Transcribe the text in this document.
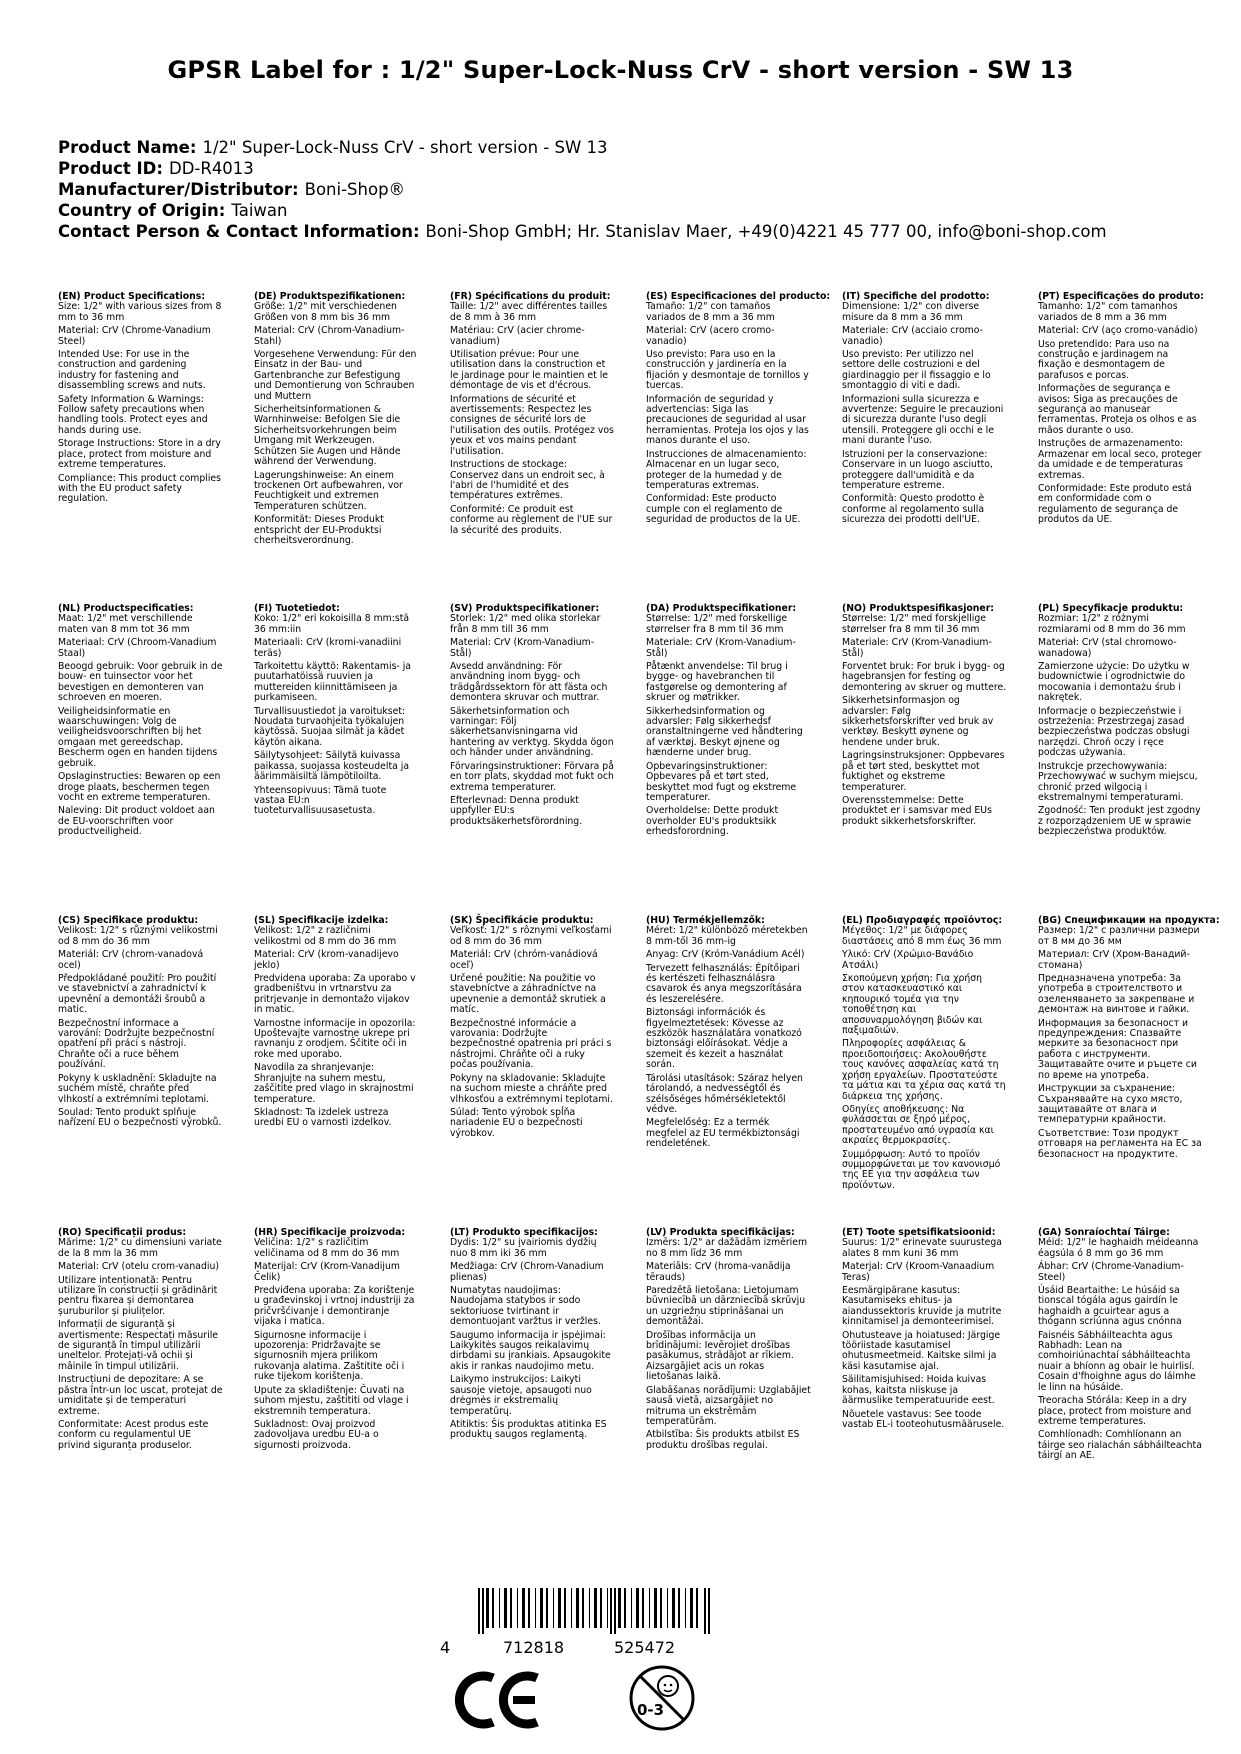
GPSR Label for : 1/2" Super-Lock-Nuss CrV - short version - SW 13
Product Name: 1/2" Super-Lock-Nuss CrV - short version - SW 13
Product ID: DD-R4013
Manufacturer/Distributor: Boni-Shop®
Country of Origin: Taiwan
Contact Person & Contact Information: Boni-Shop GmbH; Hr. Stanislav Maer, +49(0)4221 45 777 00, info@boni-shop.com
(EN) Product Specifications:
Size: 1/2" with various sizes from 8 mm to 36 mm
Material: CrV (Chrome-Vanadium Steel)
Intended Use: For use in the construction and gardening industry for fastening and disassembling screws and nuts.
Safety Information & Warnings: Follow safety precautions when handling tools. Protect eyes and hands during use.
Storage Instructions: Store in a dry place, protect from moisture and extreme temperatures.
Compliance: This product complies with the EU product safety regulation.
(DE) Produktspezifikationen:
Größe: 1/2" mit verschiedenen Größen von 8 mm bis 36 mm
Material: CrV (Chrom-Vanadium-Stahl)
Vorgesehene Verwendung: Für den Einsatz in der Bau- und Gartenbranche zur Befestigung und Demontierung von Schrauben und Muttern
Sicherheitsinformationen & Warnhinweise: Befolgen Sie die Sicherheitsvorkehrungen beim Umgang mit Werkzeugen. Schützen Sie Augen und Hände während der Verwendung.
Lagerungshinweise: An einem trockenen Ort aufbewahren, vor Feuchtigkeit und extremen Temperaturen schützen.
Konformität: Dieses Produkt entspricht der EU-Produktsi cherheitsverordnung.
(FR) Spécifications du produit:
Taille: 1/2" avec différentes tailles de 8 mm à 36 mm
Matériau: CrV (acier chrome-vanadium)
Utilisation prévue: Pour une utilisation dans la construction et le jardinage pour le maintien et le démontage de vis et d'écrous.
Informations de sécurité et avertissements: Respectez les consignes de sécurité lors de l'utilisation des outils. Protégez vos yeux et vos mains pendant l'utilisation.
Instructions de stockage: Conservez dans un endroit sec, à l'abri de l'humidité et des températures extrêmes.
Conformité: Ce produit est conforme au règlement de l'UE sur la sécurité des produits.
(ES) Especificaciones del producto:
Tamaño: 1/2" con tamaños variados de 8 mm a 36 mm
Material: CrV (acero cromo-vanadio)
Uso previsto: Para uso en la construcción y jardinería en la fijación y desmontaje de tornillos y tuercas.
Información de seguridad y advertencias: Siga las precauciones de seguridad al usar herramientas. Proteja los ojos y las manos durante el uso.
Instrucciones de almacenamiento: Almacenar en un lugar seco, proteger de la humedad y de temperaturas extremas.
Conformidad: Este producto cumple con el reglamento de seguridad de productos de la UE.
(IT) Specifiche del prodotto:
Dimensione: 1/2" con diverse misure da 8 mm a 36 mm
Materiale: CrV (acciaio cromo-vanadio)
Uso previsto: Per utilizzo nel settore delle costruzioni e del giardinaggio per il fissaggio e lo smontaggio di viti e dadi.
Informazioni sulla sicurezza e avvertenze: Seguire le precauzioni di sicurezza durante l'uso degli utensili. Proteggere gli occhi e le mani durante l'uso.
Istruzioni per la conservazione: Conservare in un luogo asciutto, proteggere dall'umidità e da temperature estreme.
Conformità: Questo prodotto è conforme al regolamento sulla sicurezza dei prodotti dell'UE.
(PT) Especificações do produto:
Tamanho: 1/2" com tamanhos variados de 8 mm a 36 mm
Material: CrV (aço cromo-vanádio)
Uso pretendido: Para uso na construção e jardinagem na fixação e desmontagem de parafusos e porcas.
Informações de segurança e avisos: Siga as precauções de segurança ao manusear ferramentas. Proteja os olhos e as mãos durante o uso.
Instruções de armazenamento: Armazenar em local seco, proteger da umidade e de temperaturas extremas.
Conformidade: Este produto está em conformidade com o regulamento de segurança de produtos da UE.
(NL) Productspecificaties:
Maat: 1/2" met verschillende maten van 8 mm tot 36 mm
Materiaal: CrV (Chroom-Vanadium Staal)
Beoogd gebruik: Voor gebruik in de bouw- en tuinsector voor het bevestigen en demonteren van schroeven en moeren.
Veiligheidsinformatie en waarschuwingen: Volg de veiligheidsvoorschriften bij het omgaan met gereedschap. Bescherm ogen en handen tijdens gebruik.
Opslaginstructies: Bewaren op een droge plaats, beschermen tegen vocht en extreme temperaturen.
Naleving: Dit product voldoet aan de EU-voorschriften voor productveiligheid.
(FI) Tuotetiedot:
Koko: 1/2" eri kokoisilla 8 mm:stä 36 mm:iin
Materiaali: CrV (kromi-vanadiini teräs)
Tarkoitettu käyttö: Rakentamis- ja puutarhatöissä ruuvien ja muttereiden kiinnittämiseen ja purkamiseen.
Turvallisuustiedot ja varoitukset: Noudata turvaohjeita työkalujen käytössä. Suojaa silmät ja kädet käytön aikana.
Säilytysohjeet: Säilytä kuivassa paikassa, suojassa kosteudelta ja äärimmäisiltä lämpötiloilta.
Yhteensopivuus: Tämä tuote vastaa EU:n tuoteturvallisuusasetusta.
(SV) Produktspecifikationer:
Storlek: 1/2" med olika storlekar från 8 mm till 36 mm
Material: CrV (Krom-Vanadium-Stål)
Avsedd användning: För användning inom bygg- och trädgårdssektorn för att fästa och demontera skruvar och muttrar.
Säkerhetsinformation och varningar: Följ säkerhetsanvisningarna vid hantering av verktyg. Skydda ögon och händer under användning.
Förvaringsinstruktioner: Förvara på en torr plats, skyddad mot fukt och extrema temperaturer.
Efterlevnad: Denna produkt uppfyller EU:s produktsäkerhetsförordning.
(DA) Produktspecifikationer:
Størrelse: 1/2" med forskellige størrelser fra 8 mm til 36 mm
Materiale: CrV (Krom-Vanadium-Stål)
Påtænkt anvendelse: Til brug i bygge- og havebranchen til fastgørelse og demontering af skruer og møtrikker.
Sikkerhedsinformation og advarsler: Følg sikkerhedsf oranstaltningerne ved håndtering af værktøj. Beskyt øjnene og hænderne under brug.
Opbevaringsinstruktioner: Opbevares på et tørt sted, beskyttet mod fugt og ekstreme temperaturer.
Overholdelse: Dette produkt overholder EU's produktsikk erhedsforordning.
(NO) Produktspesifikasjoner:
Størrelse: 1/2" med forskjellige størrelser fra 8 mm til 36 mm
Materiale: CrV (Krom-Vanadium-Stål)
Forventet bruk: For bruk i bygg- og hagebransjen for festing og demontering av skruer og muttere.
Sikkerhetsinformasjon og advarsler: Følg sikkerhetsforskrifter ved bruk av verktøy. Beskytt øynene og hendene under bruk.
Lagringsinstruksjoner: Oppbevares på et tørt sted, beskyttet mot fuktighet og ekstreme temperaturer.
Overensstemmelse: Dette produktet er i samsvar med EUs produkt sikkerhetsforskrifter.
(PL) Specyfikacje produktu:
Rozmiar: 1/2" z różnymi rozmiarami od 8 mm do 36 mm
Materiał: CrV (stal chromowo-wanadowa)
Zamierzone użycie: Do użytku w budownictwie i ogrodnictwie do mocowania i demontażu śrub i nakrętek.
Informacje o bezpieczeństwie i ostrzeżenia: Przestrzegaj zasad bezpieczeństwa podczas obsługi narzędzi. Chroń oczy i ręce podczas używania.
Instrukcje przechowywania: Przechowywać w suchym miejscu, chronić przed wilgocią i ekstremalnymi temperaturami.
Zgodność: Ten produkt jest zgodny z rozporządzeniem UE w sprawie bezpieczeństwa produktów.
(CS) Specifikace produktu:
Velikost: 1/2" s různými velikostmi od 8 mm do 36 mm
Materiál: CrV (chrom-vanadová ocel)
Předpokládané použití: Pro použití ve stavebnictví a zahradnictví k upevnění a demontáži šroubů a matic.
Bezpečnostní informace a varování: Dodržujte bezpečnostní opatření při práci s nástroji. Chraňte oči a ruce během používání.
Pokyny k uskladnění: Skladujte na suchém místě, chraňte před vlhkostí a extrémními teplotami.
Soulad: Tento produkt splňuje nařízení EU o bezpečnosti výrobků.
(SL) Specifikacije izdelka:
Velikost: 1/2" z različnimi velikostmi od 8 mm do 36 mm
Material: CrV (krom-vanadijevo jeklo)
Predvidena uporaba: Za uporabo v gradbeništvu in vrtnarstvu za pritrjevanje in demontažo vijakov in matic.
Varnostne informacije in opozorila: Upoštevajte varnostne ukrepe pri ravnanju z orodjem. Ščitite oči in roke med uporabo.
Navodila za shranjevanje: Shranjujte na suhem mestu, zaščitite pred vlago in skrajnostmi temperature.
Skladnost: Ta izdelek ustreza uredbi EU o varnosti izdelkov.
(SK) Špecifikácie produktu:
Veľkosť: 1/2" s rôznymi veľkosťami od 8 mm do 36 mm
Materiál: CrV (chróm-vanádiová oceľ)
Určené použitie: Na použitie vo stavebníctve a záhradníctve na upevnenie a demontáž skrutiek a matíc.
Bezpečnostné informácie a varovania: Dodržujte bezpečnostné opatrenia pri práci s nástrojmi. Chráňte oči a ruky počas používania.
Pokyny na skladovanie: Skladujte na suchom mieste a chráňte pred vlhkosťou a extrémnymi teplotami.
Súlad: Tento výrobok spĺňa nariadenie EÚ o bezpečnosti výrobkov.
(HU) Termékjellemzők:
Méret: 1/2" különböző méretekben 8 mm-től 36 mm-ig
Anyag: CrV (Króm-Vanádium Acél)
Tervezett felhasználás: Építőipari és kertészeti felhasználásra csavarok és anya megszorítására és leszerelésére.
Biztonsági információk és figyelmeztetések: Kövesse az eszközök használatára vonatkozó biztonsági előírásokat. Védje a szemeit és kezeit a használat során.
Tárolási utasítások: Száraz helyen tárolandó, a nedvességtől és szélsőséges hőmérsékletektől védve.
Megfelelőség: Ez a termék megfelel az EU termékbiztonsági rendeletének.
(EL) Προδιαγραφές προϊόντος:
Μέγεθος: 1/2" με διάφορες διαστάσεις από 8 mm έως 36 mm
Υλικό: CrV (Χρώμιο-Βανάδιο Ατσάλι)
Σκοπούμενη χρήση: Για χρήση στον κατασκευαστικό και κηπουρικό τομέα για την τοποθέτηση και αποσυναρμολόγηση βιδών και παξιμαδιών.
Πληροφορίες ασφάλειας & προειδοποιήσεις: Ακολουθήστε τους κανόνες ασφαλείας κατά τη χρήση εργαλείων. Προστατεύστε τα μάτια και τα χέρια σας κατά τη διάρκεια της χρήσης.
Οδηγίες αποθήκευσης: Να φυλάσσεται σε ξηρό μέρος, προστατευμένο από υγρασία και ακραίες θερμοκρασίες.
Συμμόρφωση: Αυτό το προϊόν συμμορφώνεται με τον κανονισμό της ΕΕ για την ασφάλεια των προϊόντων.
(BG) Спецификации на продукта:
Размер: 1/2" с различни размери от 8 мм до 36 мм
Материал: CrV (Хром-Ванадий-стомана)
Предназначена употреба: За употреба в строителството и озеленяването за закрепване и демонтаж на винтове и гайки.
Информация за безопасност и предупреждения: Спазвайте мерките за безопасност при работа с инструменти. Защитавайте очите и ръцете си по време на употреба.
Инструкции за съхранение: Съхранявайте на сухо място, защитавайте от влага и температурни крайности.
Съответствие: Този продукт отговаря на регламента на ЕС за безопасност на продуктите.
(RO) Specificații produs:
Mărime: 1/2" cu dimensiuni variate de la 8 mm la 36 mm
Material: CrV (otelu crom-vanadiu)
Utilizare intenționată: Pentru utilizare în construcții și grădinărit pentru fixarea și demontarea șuruburilor și piulițelor.
Informații de siguranță și avertismente: Respectați măsurile de siguranță în timpul utilizării uneltelor. Protejați-vă ochii și mâinile în timpul utilizării.
Instrucțiuni de depozitare: A se păstra într-un loc uscat, protejat de umiditate și de temperaturi extreme.
Conformitate: Acest produs este conform cu regulamentul UE privind siguranța produselor.
(HR) Specifikacije proizvoda:
Veličina: 1/2" s različitim veličinama od 8 mm do 36 mm
Materijal: CrV (Krom-Vanadijum Čelik)
Predviđena uporaba: Za korištenje u građevinskoj i vrtnoj industriji za pričvršćivanje i demontiranje vijaka i matica.
Sigurnosne informacije i upozorenja: Pridržavajte se sigurnosnih mjera prilikom rukovanja alatima. Zaštitite oči i ruke tijekom korištenja.
Upute za skladištenje: Čuvati na suhom mjestu, zaštititi od vlage i ekstremnih temperatura.
Sukladnost: Ovaj proizvod zadovoljava uredbu EU-a o sigurnosti proizvoda.
(LT) Produkto specifikacijos:
Dydis: 1/2" su įvairiomis dydžių nuo 8 mm iki 36 mm
Medžiaga: CrV (Chrom-Vanadium plienas)
Numatytas naudojimas: Naudojama statybos ir sodo sektoriuose tvirtinant ir demontuojant varžtus ir veržles.
Saugumo informacija ir įspėjimai: Laikykitės saugos reikalavimų dirbdami su įrankiais. Apsaugokite akis ir rankas naudojimo metu.
Laikymo instrukcijos: Laikyti sausoje vietoje, apsaugoti nuo drėgmės ir ekstremalių temperatūrų.
Atitiktis: Šis produktas atitinka ES produktų saugos reglamentą.
(LV) Produkta specifikācijas:
Izmērs: 1/2" ar dažādām izmēriem no 8 mm līdz 36 mm
Materiāls: CrV (hroma-vanādija tērauds)
Paredzētā lietošana: Lietojumam būvniecībā un dārzniecībā skrūvju un uzgriežņu stiprināšanai un demontāžai.
Drošības informācija un brīdinājumi: Ievērojiet drošības pasākumus, strādājot ar rīkiem. Aizsargājiet acis un rokas lietošanas laikā.
Glabāšanas norādījumi: Uzglabājiet sausā vietā, aizsargājiet no mitruma un ekstrēmām temperatūrām.
Atbilstība: Šis produkts atbilst ES produktu drošības regulai.
(ET) Toote spetsifikatsioonid:
Suurus: 1/2" erinevate suurustega alates 8 mm kuni 36 mm
Materjal: CrV (Kroom-Vanaadium Teras)
Eesmärgipärane kasutus: Kasutamiseks ehitus- ja aiandussektoris kruvide ja mutrite kinnitamisel ja demonteerimisel.
Ohutusteave ja hoiatused: Järgige tööriistade kasutamisel ohutusmeetmeid. Kaitske silmi ja käsi kasutamise ajal.
Säilitamisjuhised: Hoida kuivas kohas, kaitsta niiskuse ja äärmuslike temperatuuride eest.
Nõuetele vastavus: See toode vastab EL-i tooteohutusmäärusele.
(GA) Sonraíochtaí Táirge:
Méid: 1/2" le haghaidh méideanna éagsúla ó 8 mm go 36 mm
Ábhar: CrV (Chrome-Vanadium-Steel)
Úsáid Beartaithe: Le húsáid sa tionscal tógála agus gairdín le haghaidh a gcuirtear agus a thógann scriúnna agus cnónna
Faisnéis Sábháilteachta agus Rabhadh: Lean na comhoiriúnachtaí sábháilteachta nuair a bhíonn ag obair le huirlisí. Cosain d'fhoighne agus do láimhe le linn na húsáide.
Treoracha Stórála: Keep in a dry place, protect from moisture and extreme temperatures.
Comhlíonadh: Comhlíonann an táirge seo rialachán sábháilteachta táirgí an AE.
4	712818	525472
0-3
